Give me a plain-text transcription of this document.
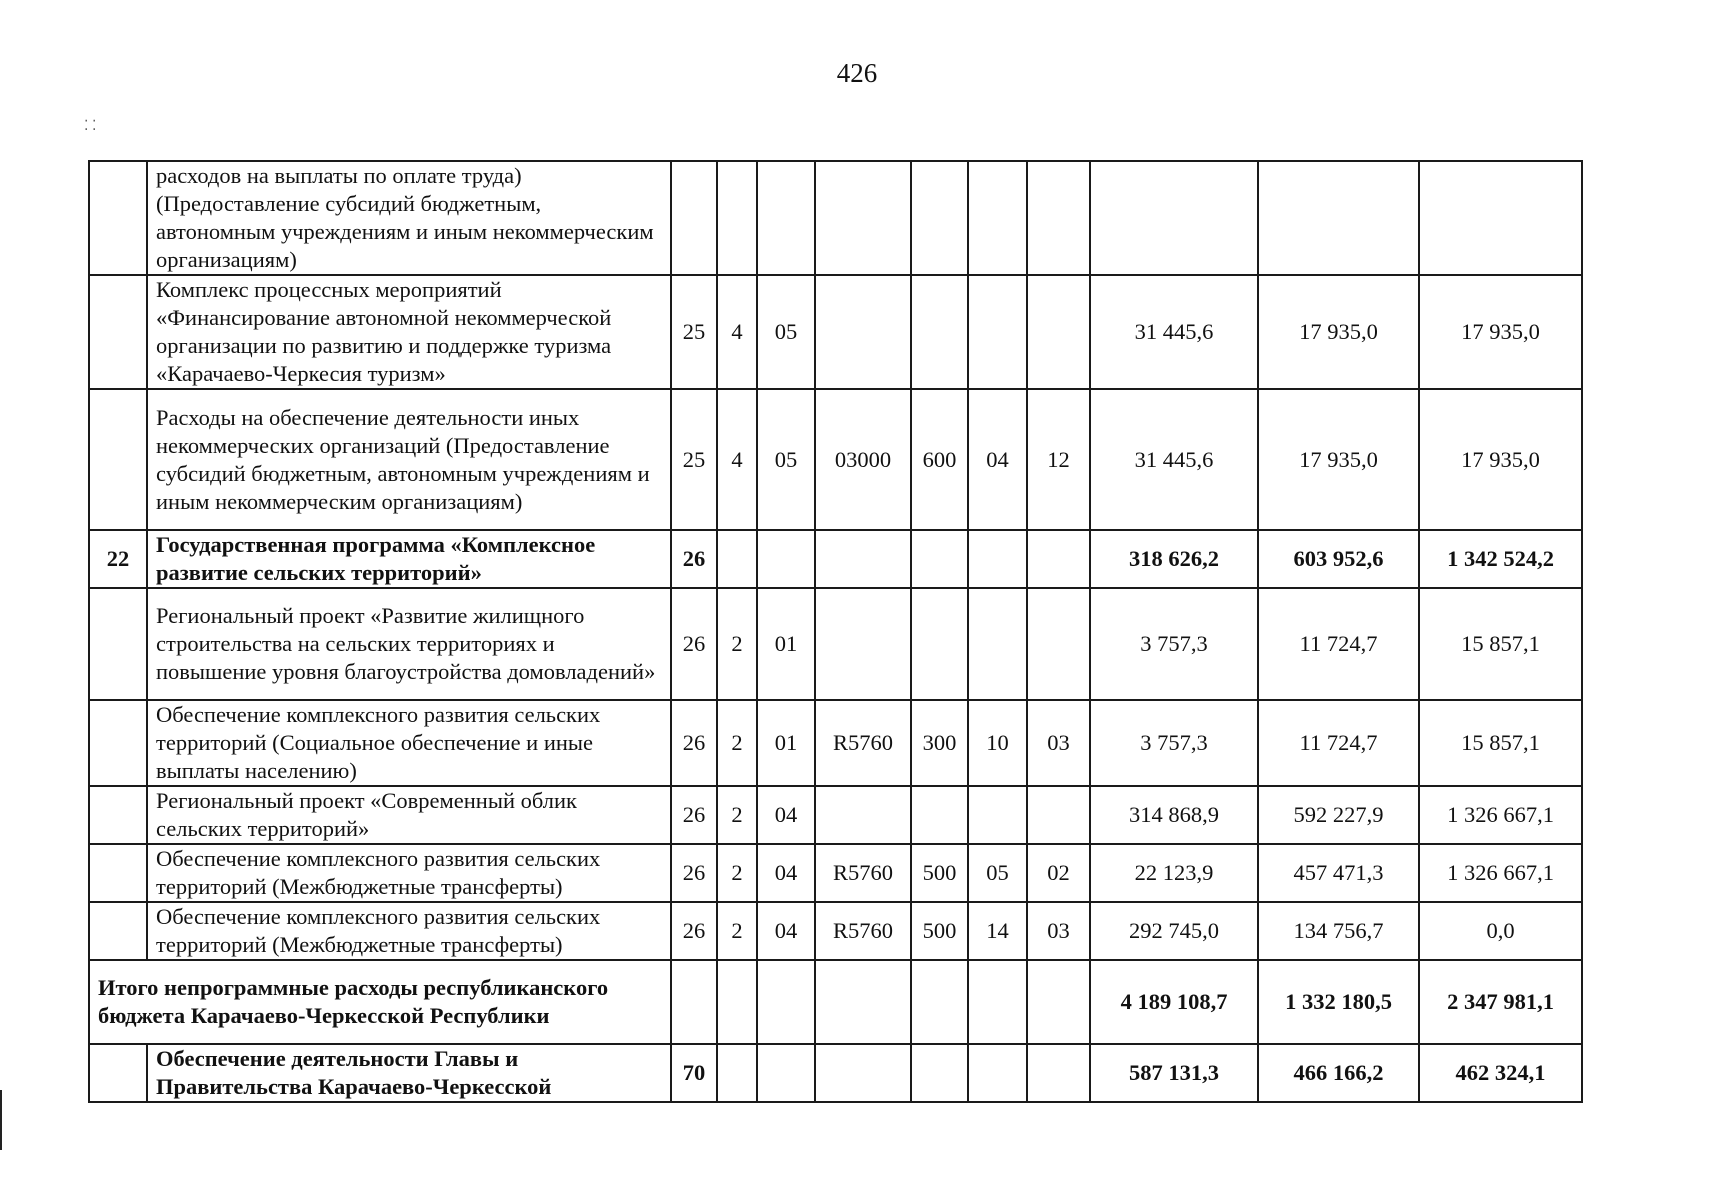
426
⁚ ⁚
	расходов на выплаты по оплате труда) (Предоставление субсидий бюджетным, автономным учреждениям и иным некоммерческим организациям)										
	Комплекс процессных мероприятий «Финансирование автономной некоммерческой организации по развитию и поддержке туризма «Карачаево-Черкесия туризм»	25	4	05					31 445,6	17 935,0	17 935,0
	Расходы на обеспечение деятельности иных некоммерческих организаций (Предоставление субсидий бюджетным, автономным учреждениям и иным некоммерческим организациям)	25	4	05	03000	600	04	12	31 445,6	17 935,0	17 935,0
22	Государственная программа «Комплексное развитие сельских территорий»	26							318 626,2	603 952,6	1 342 524,2
	Региональный проект «Развитие жилищного строительства на сельских территориях и повышение уровня благоустройства домовладений»	26	2	01					3 757,3	11 724,7	15 857,1
	Обеспечение комплексного развития сельских территорий (Социальное обеспечение и иные выплаты населению)	26	2	01	R5760	300	10	03	3 757,3	11 724,7	15 857,1
	Региональный проект «Современный облик сельских территорий»	26	2	04					314 868,9	592 227,9	1 326 667,1
	Обеспечение комплексного развития сельских территорий (Межбюджетные трансферты)	26	2	04	R5760	500	05	02	22 123,9	457 471,3	1 326 667,1
	Обеспечение комплексного развития сельских территорий (Межбюджетные трансферты)	26	2	04	R5760	500	14	03	292 745,0	134 756,7	0,0
Итого непрограммные расходы республиканского бюджета Карачаево-Черкесской Республики									4 189 108,7	1 332 180,5	2 347 981,1
	Обеспечение деятельности Главы и Правительства Карачаево-Черкесской	70							587 131,3	466 166,2	462 324,1
